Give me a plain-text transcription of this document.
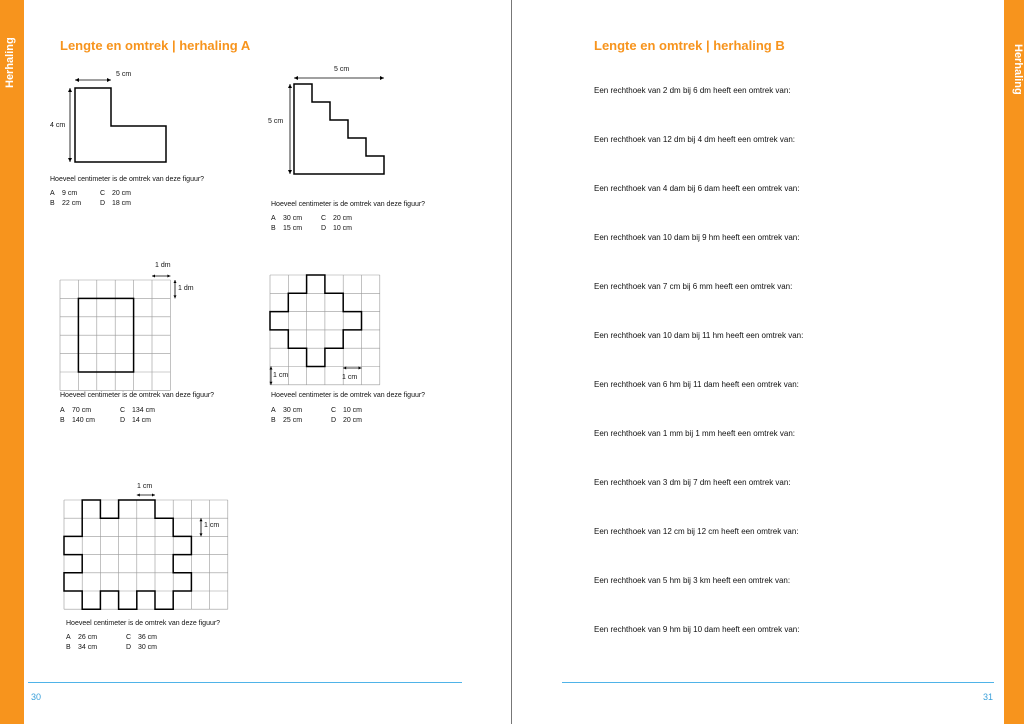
Herhaling	Herhaling
Lengte en omtrek | herhaling A
5 cm
4 cm
Hoeveel centimeter is de omtrek van deze figuur?
A 9 cm	C 20 cm
B 22 cm	D 18 cm
5 cm
5 cm
Hoeveel centimeter is de omtrek van deze figuur?
A 30 cm	C 20 cm
B 15 cm	D 10 cm
1 dm
1 dm
Hoeveel centimeter is de omtrek van deze figuur?
A 70 cm	C 134 cm
B 140 cm	D 14 cm
1 cm	1 cm
Hoeveel centimeter is de omtrek van deze figuur?
A 30 cm	C 10 cm
B 25 cm	D 20 cm
1 cm
1 cm
Hoeveel centimeter is de omtrek van deze figuur?
A 26 cm	C 36 cm
B 34 cm	D 30 cm
30
Lengte en omtrek | herhaling B
Een rechthoek van 2 dm bij 6 dm heeft een omtrek van:
Een rechthoek van 12 dm bij 4 dm heeft een omtrek van:
Een rechthoek van 4 dam bij 6 dam heeft een omtrek van:
Een rechthoek van 10 dam bij 9 hm heeft een omtrek van:
Een rechthoek van 7 cm bij 6 mm heeft een omtrek van:
Een rechthoek van 10 dam bij 11 hm heeft een omtrek van:
Een rechthoek van 6 hm bij 11 dam heeft een omtrek van:
Een rechthoek van 1 mm bij 1 mm heeft een omtrek van:
Een rechthoek van 3 dm bij 7 dm heeft een omtrek van:
Een rechthoek van 12 cm bij 12 cm heeft een omtrek van:
Een rechthoek van 5 hm bij 3 km heeft een omtrek van:
Een rechthoek van 9 hm bij 10 dam heeft een omtrek van:
31
